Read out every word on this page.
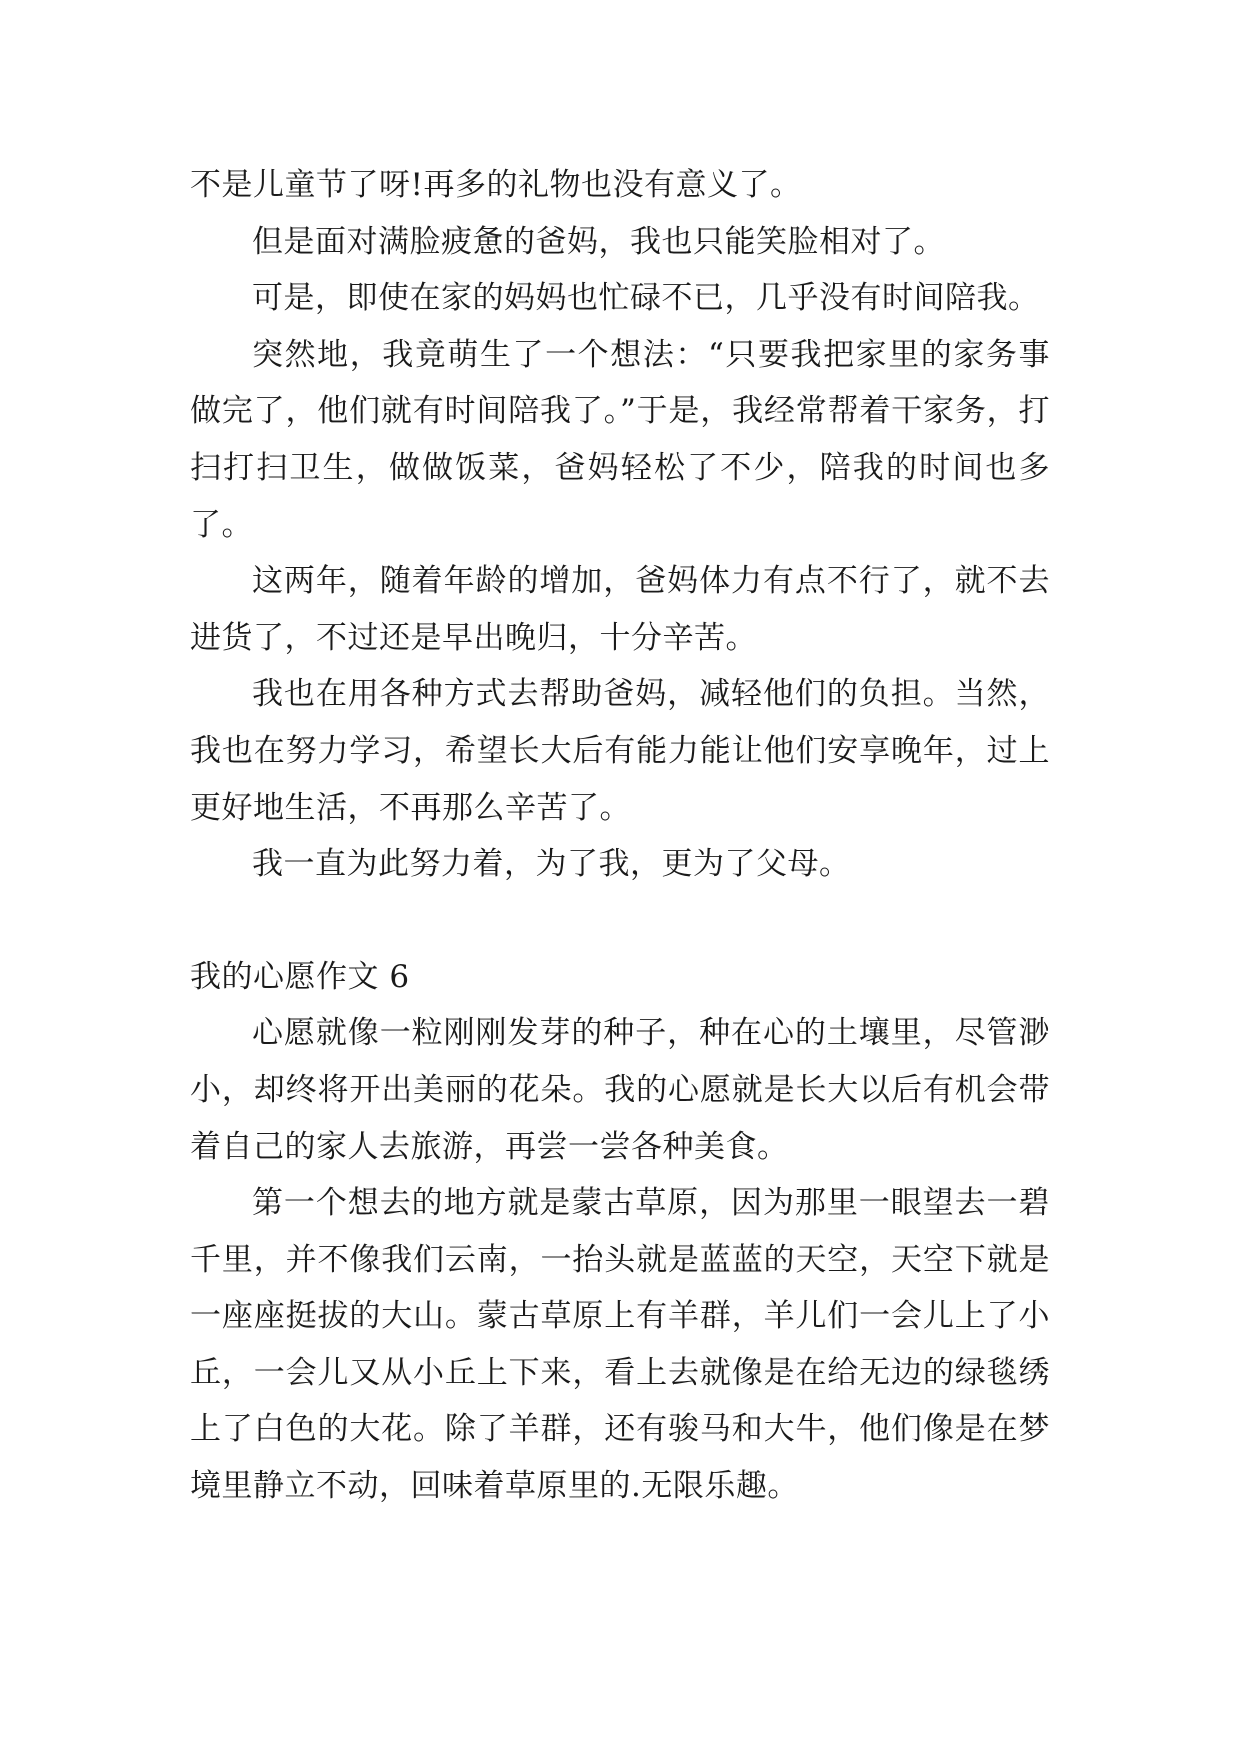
不是儿童节了呀!再多的礼物也没有意义了。

但是面对满脸疲惫的爸妈，我也只能笑脸相对了。

可是，即使在家的妈妈也忙碌不已，几乎没有时间陪我。

突然地，我竟萌生了一个想法：“只要我把家里的家务事做完了，他们就有时间陪我了。”于是，我经常帮着干家务，打扫打扫卫生，做做饭菜，爸妈轻松了不少，陪我的时间也多了。

这两年，随着年龄的增加，爸妈体力有点不行了，就不去进货了，不过还是早出晚归，十分辛苦。

我也在用各种方式去帮助爸妈，减轻他们的负担。当然，我也在努力学习，希望长大后有能力能让他们安享晚年，过上更好地生活，不再那么辛苦了。

我一直为此努力着，为了我，更为了父母。

我的心愿作文 6

心愿就像一粒刚刚发芽的种子，种在心的土壤里，尽管渺小，却终将开出美丽的花朵。我的心愿就是长大以后有机会带着自己的家人去旅游，再尝一尝各种美食。

第一个想去的地方就是蒙古草原，因为那里一眼望去一碧千里，并不像我们云南，一抬头就是蓝蓝的天空，天空下就是一座座挺拔的大山。蒙古草原上有羊群，羊儿们一会儿上了小丘，一会儿又从小丘上下来，看上去就像是在给无边的绿毯绣上了白色的大花。除了羊群，还有骏马和大牛，他们像是在梦境里静立不动，回味着草原里的.无限乐趣。
